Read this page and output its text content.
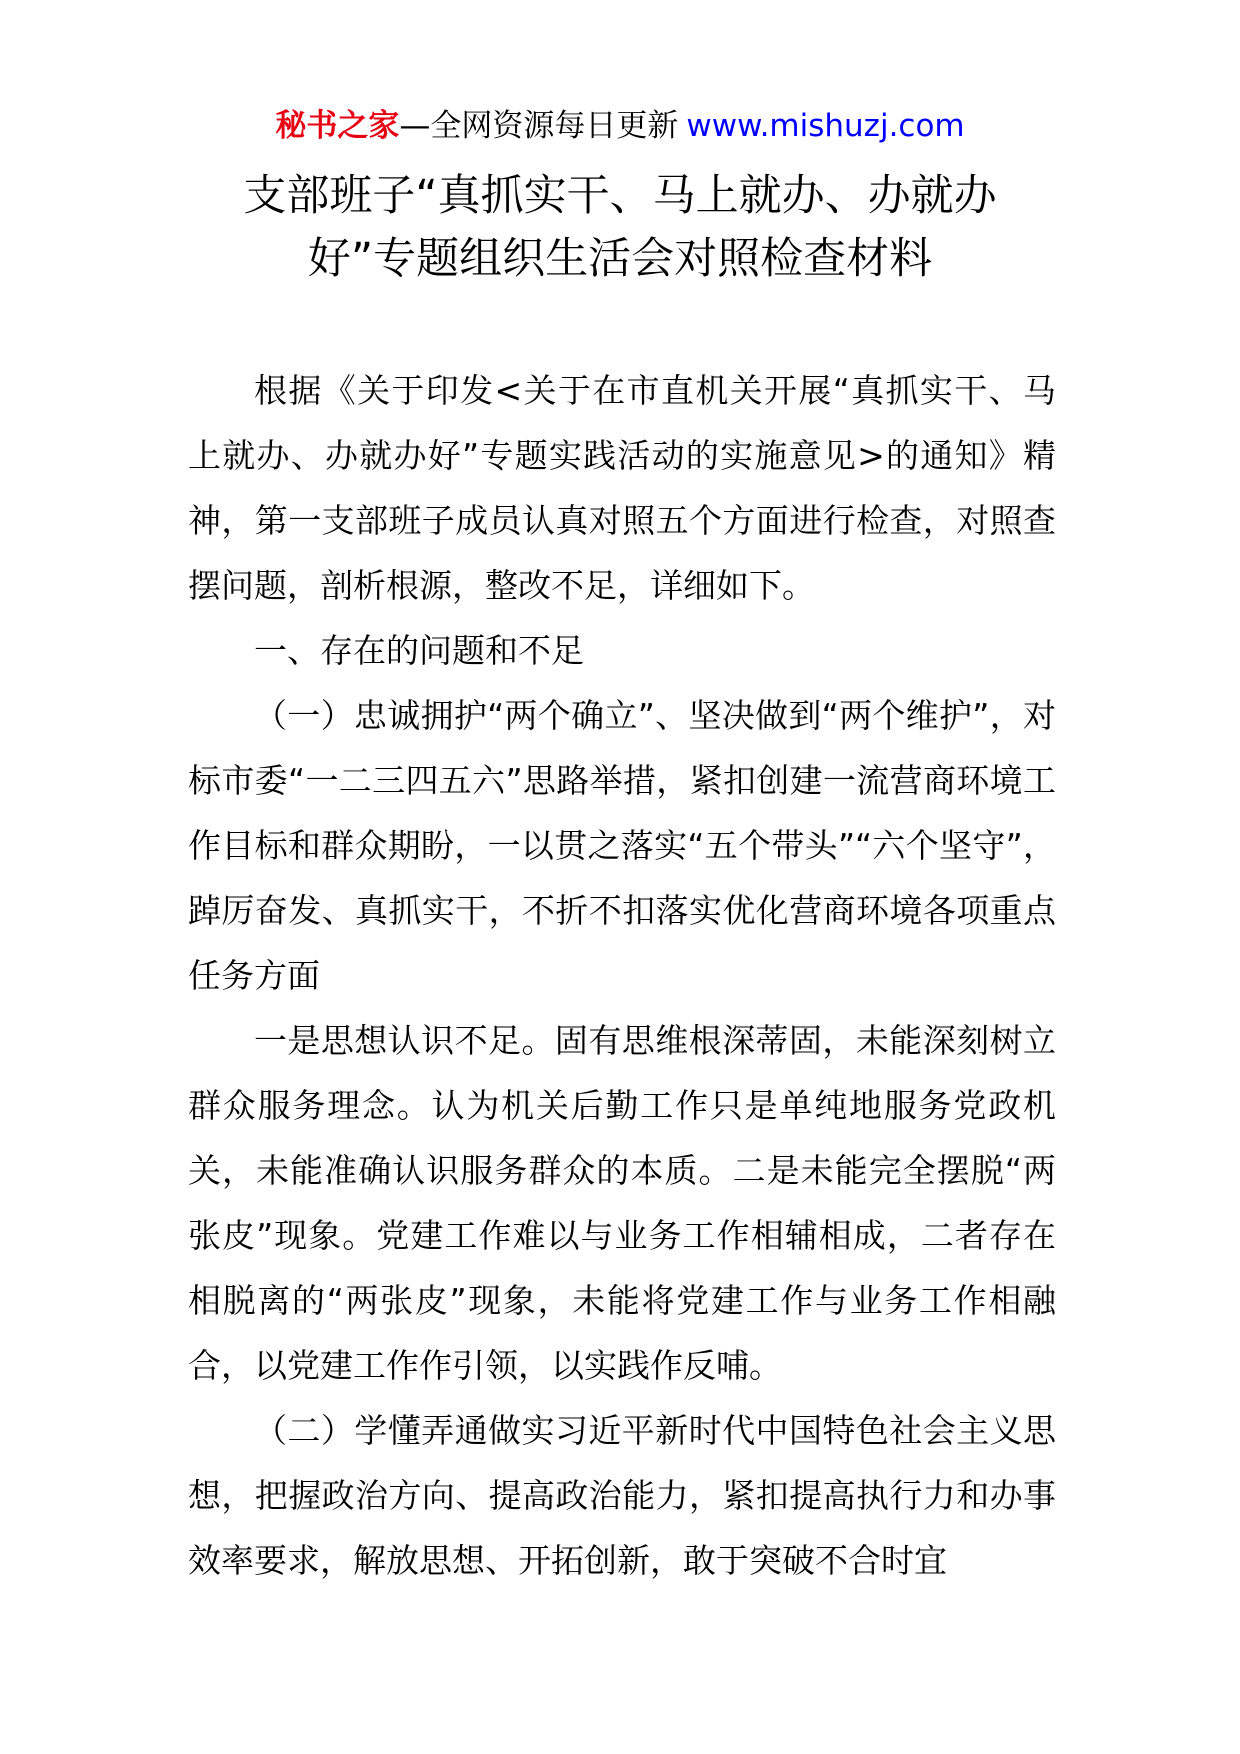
秘书之家—全网资源每日更新 www.mishuzj.com
支部班子“真抓实干、马上就办、办就办
好”专题组织生活会对照检查材料

根据《关于印发<关于在市直机关开展“真抓实干、马上就办、办就办好”专题实践活动的实施意见>的通知》精神，第一支部班子成员认真对照五个方面进行检查，对照查摆问题，剖析根源，整改不足，详细如下。

一、存在的问题和不足

（一）忠诚拥护“两个确立”、坚决做到“两个维护”，对标市委“一二三四五六”思路举措，紧扣创建一流营商环境工作目标和群众期盼，一以贯之落实“五个带头”“六个坚守”，踔厉奋发、真抓实干，不折不扣落实优化营商环境各项重点任务方面

一是思想认识不足。固有思维根深蒂固，未能深刻树立群众服务理念。认为机关后勤工作只是单纯地服务党政机关，未能准确认识服务群众的本质。二是未能完全摆脱“两张皮”现象。党建工作难以与业务工作相辅相成，二者存在相脱离的“两张皮”现象，未能将党建工作与业务工作相融合，以党建工作作引领，以实践作反哺。

（二）学懂弄通做实习近平新时代中国特色社会主义思想，把握政治方向、提高政治能力，紧扣提高执行力和办事效率要求，解放思想、开拓创新，敢于突破不合时宜
